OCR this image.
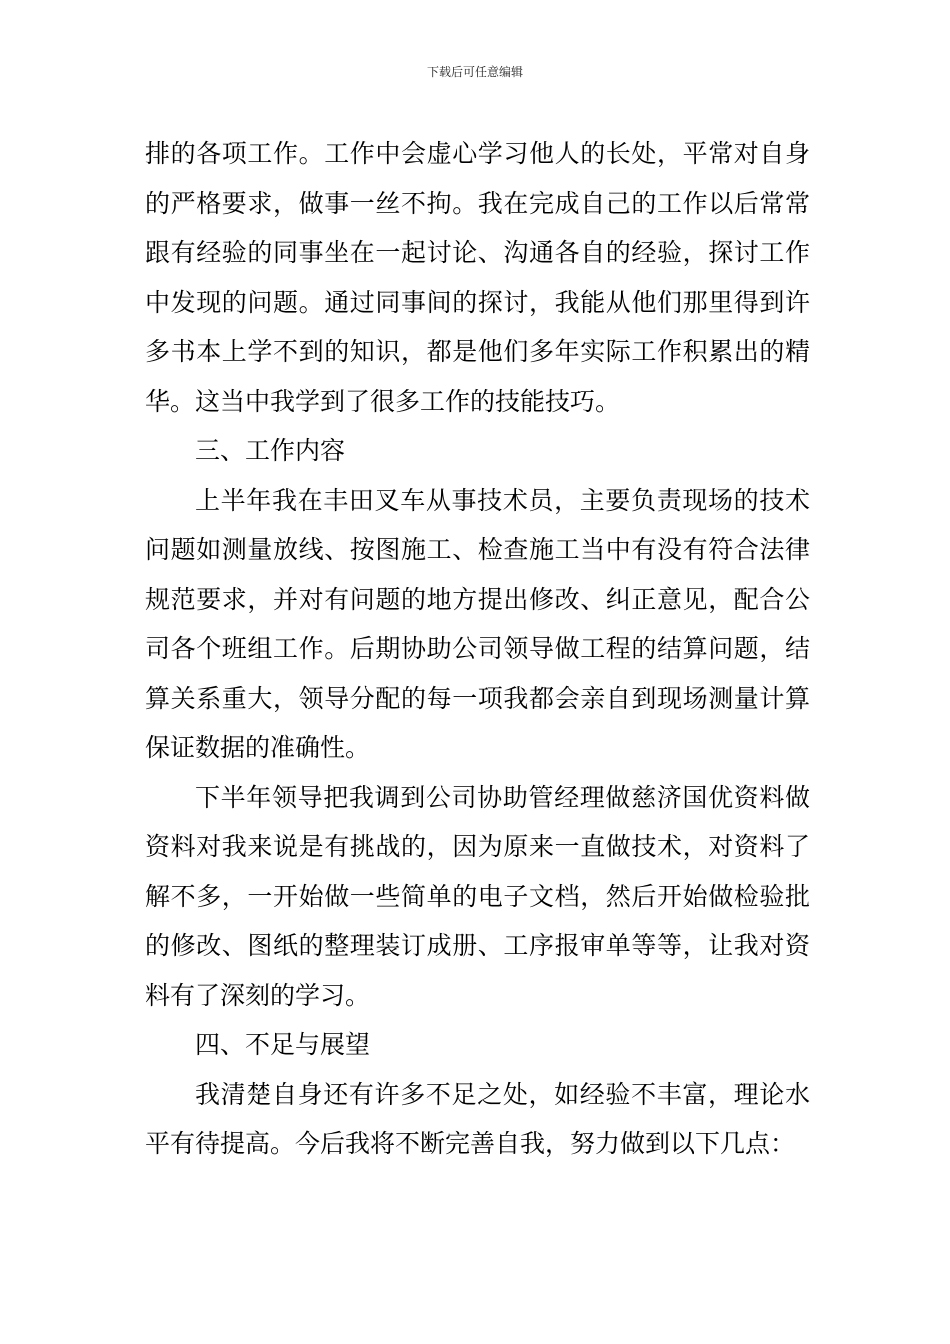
下载后可任意编辑

排的各项工作。工作中会虚心学习他人的长处，平常对自身的严格要求，做事一丝不拘。我在完成自己的工作以后常常跟有经验的同事坐在一起讨论、沟通各自的经验，探讨工作中发现的问题。通过同事间的探讨，我能从他们那里得到许多书本上学不到的知识，都是他们多年实际工作积累出的精华。这当中我学到了很多工作的技能技巧。

三、工作内容

上半年我在丰田叉车从事技术员，主要负责现场的技术问题如测量放线、按图施工、检查施工当中有没有符合法律规范要求，并对有问题的地方提出修改、纠正意见，配合公司各个班组工作。后期协助公司领导做工程的结算问题，结算关系重大，领导分配的每一项我都会亲自到现场测量计算保证数据的准确性。

下半年领导把我调到公司协助管经理做慈济国优资料做资料对我来说是有挑战的，因为原来一直做技术，对资料了解不多，一开始做一些简单的电子文档，然后开始做检验批的修改、图纸的整理装订成册、工序报审单等等，让我对资料有了深刻的学习。

四、不足与展望

我清楚自身还有许多不足之处，如经验不丰富，理论水平有待提高。今后我将不断完善自我，努力做到以下几点：
